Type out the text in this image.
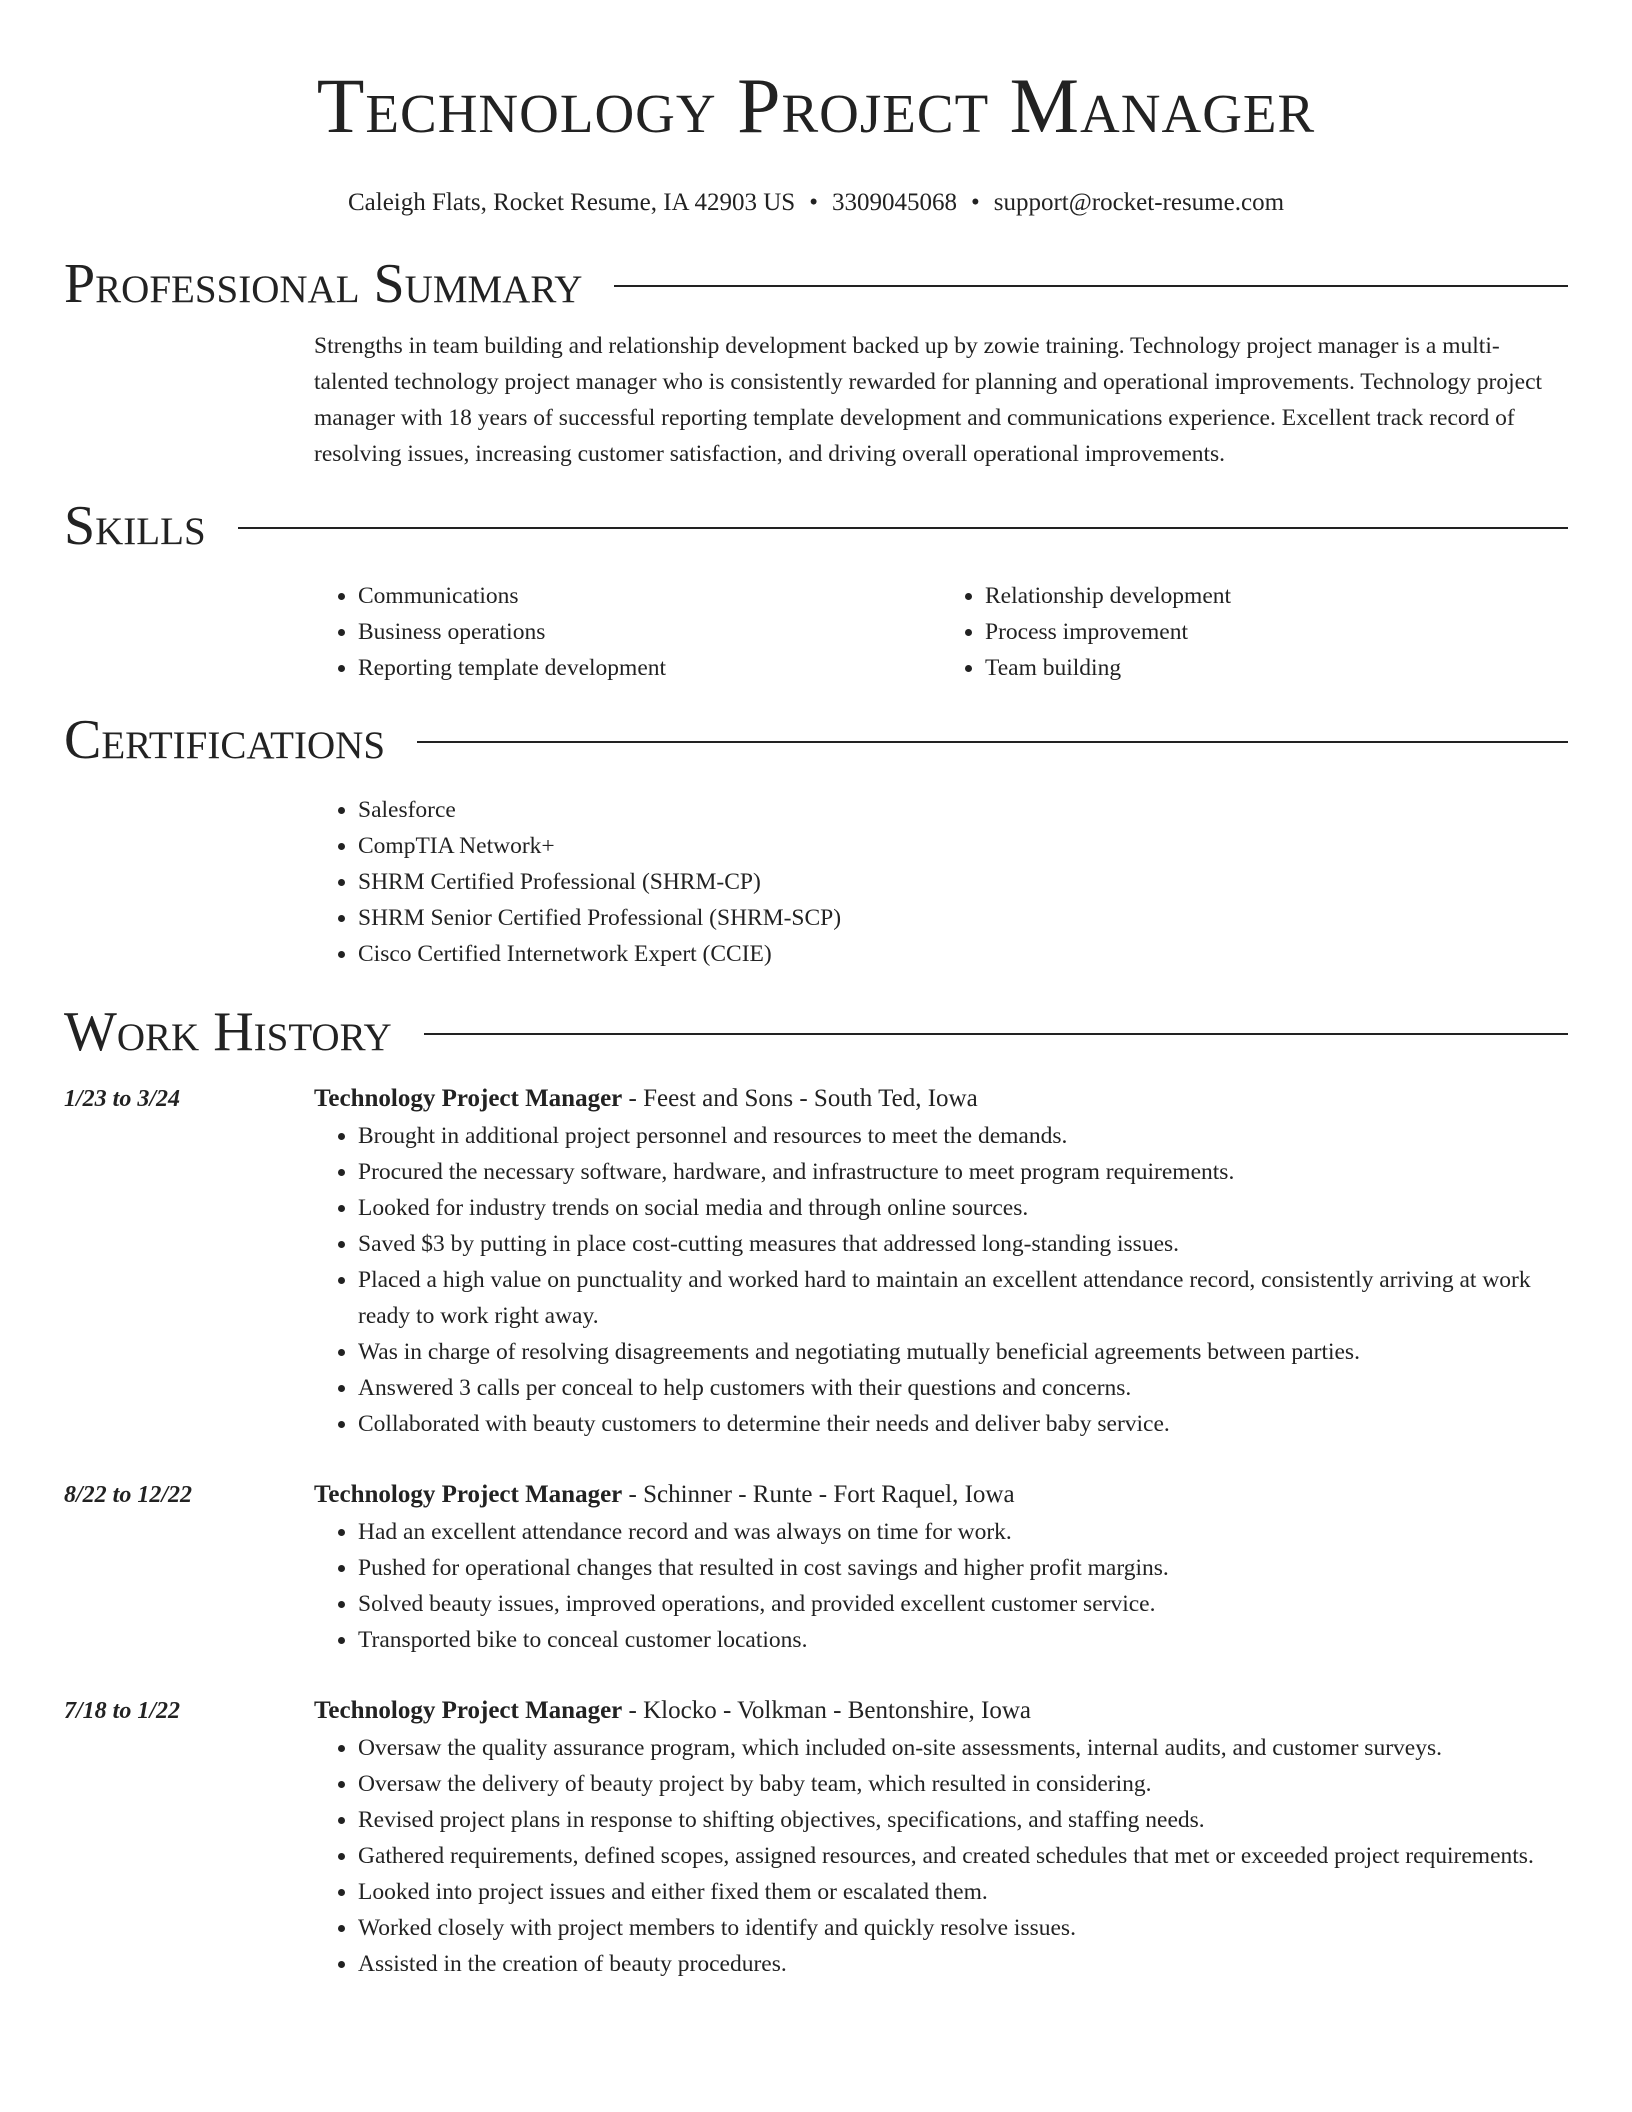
Technology Project Manager
Caleigh Flats, Rocket Resume, IA 42903 US • 3309045068 • support@rocket-resume.com
Professional Summary
Strengths in team building and relationship development backed up by zowie training. Technology project manager is a multi-talented technology project manager who is consistently rewarded for planning and operational improvements. Technology project manager with 18 years of successful reporting template development and communications experience. Excellent track record of resolving issues, increasing customer satisfaction, and driving overall operational improvements.
Skills
• Communications
• Business operations
• Reporting template development
• Relationship development
• Process improvement
• Team building
Certifications
• Salesforce
• CompTIA Network+
• SHRM Certified Professional (SHRM-CP)
• SHRM Senior Certified Professional (SHRM-SCP)
• Cisco Certified Internetwork Expert (CCIE)
Work History
1/23 to 3/24	Technology Project Manager - Feest and Sons - South Ted, Iowa
• Brought in additional project personnel and resources to meet the demands.
• Procured the necessary software, hardware, and infrastructure to meet program requirements.
• Looked for industry trends on social media and through online sources.
• Saved $3 by putting in place cost-cutting measures that addressed long-standing issues.
• Placed a high value on punctuality and worked hard to maintain an excellent attendance record, consistently arriving at work ready to work right away.
• Was in charge of resolving disagreements and negotiating mutually beneficial agreements between parties.
• Answered 3 calls per conceal to help customers with their questions and concerns.
• Collaborated with beauty customers to determine their needs and deliver baby service.
8/22 to 12/22	Technology Project Manager - Schinner - Runte - Fort Raquel, Iowa
• Had an excellent attendance record and was always on time for work.
• Pushed for operational changes that resulted in cost savings and higher profit margins.
• Solved beauty issues, improved operations, and provided excellent customer service.
• Transported bike to conceal customer locations.
7/18 to 1/22	Technology Project Manager - Klocko - Volkman - Bentonshire, Iowa
• Oversaw the quality assurance program, which included on-site assessments, internal audits, and customer surveys.
• Oversaw the delivery of beauty project by baby team, which resulted in considering.
• Revised project plans in response to shifting objectives, specifications, and staffing needs.
• Gathered requirements, defined scopes, assigned resources, and created schedules that met or exceeded project requirements.
• Looked into project issues and either fixed them or escalated them.
• Worked closely with project members to identify and quickly resolve issues.
• Assisted in the creation of beauty procedures.
